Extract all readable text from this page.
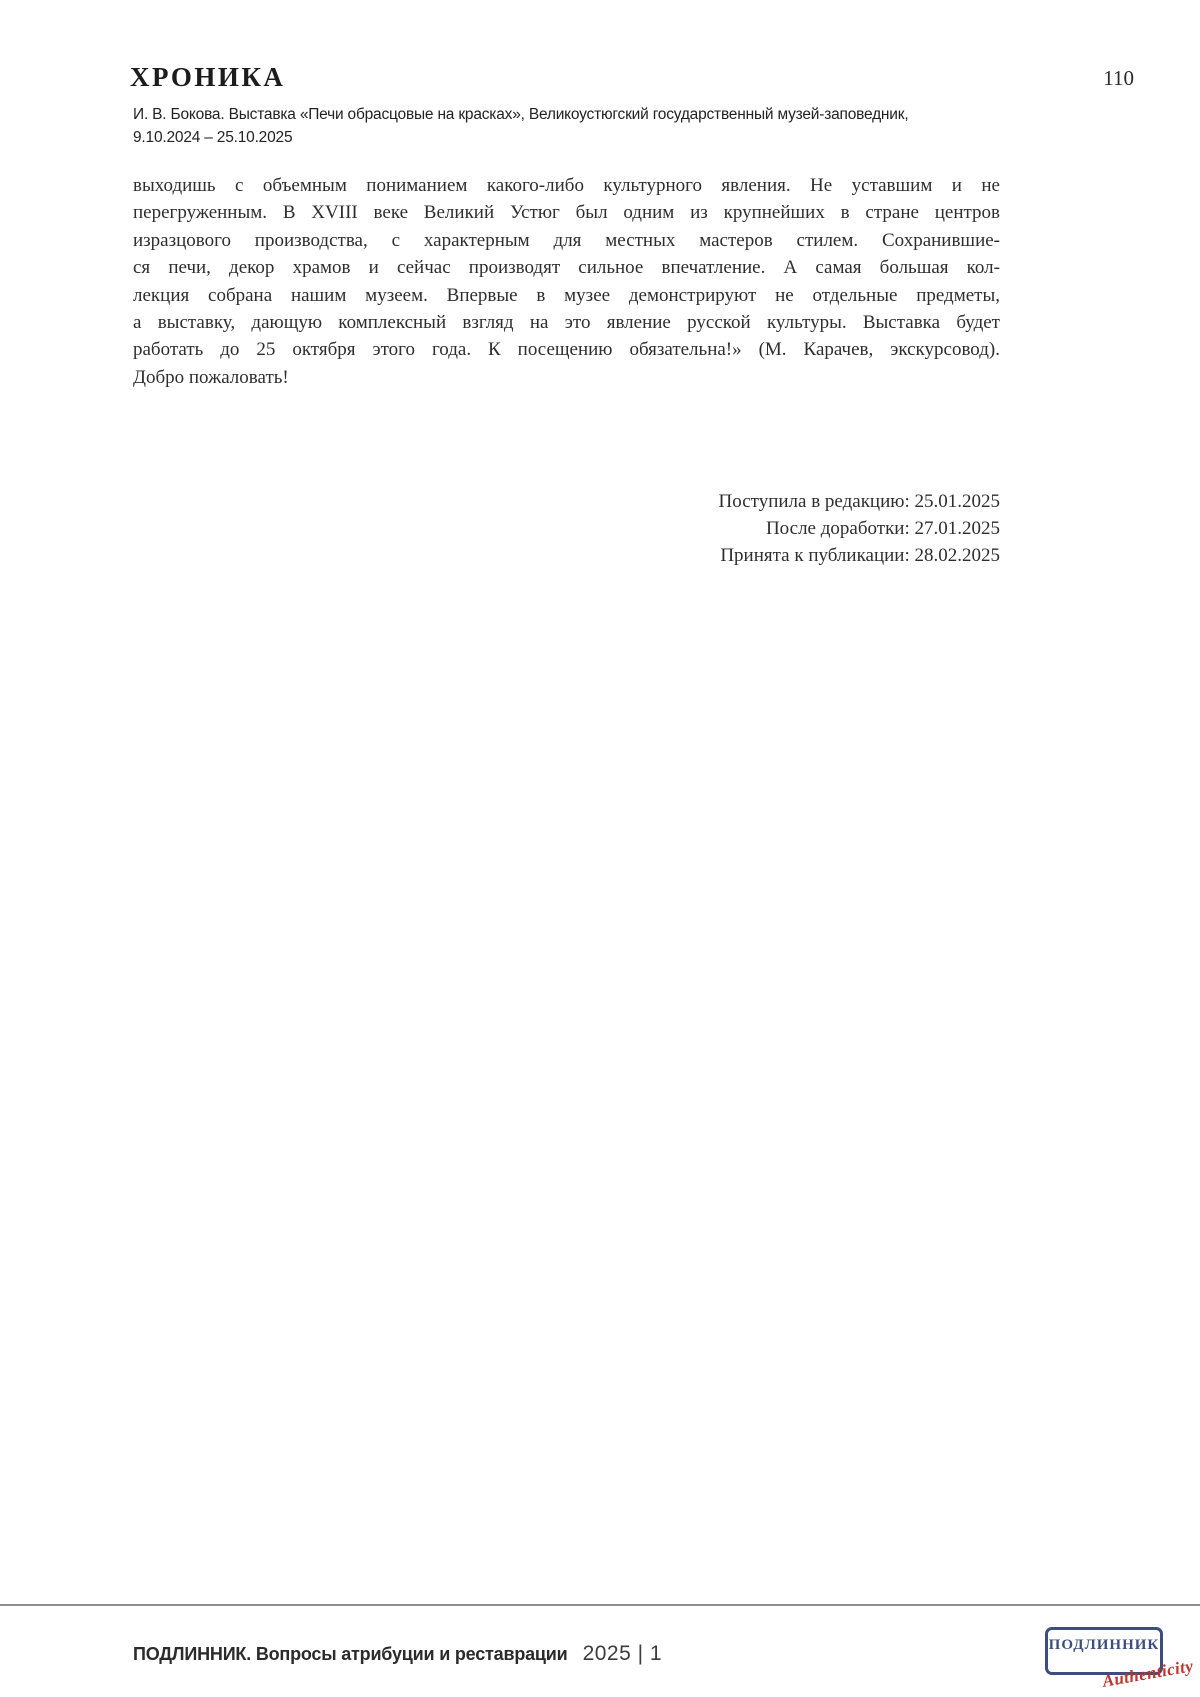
ХРОНИКА	110
И. В. Бокова. Выставка «Печи обрасцовые на красках», Великоустюгский государственный музей-заповедник,
9.10.2024 – 25.10.2025
выходишь с объемным пониманием какого-либо культурного явления. Не уставшим и не
перегруженным. В XVIII веке Великий Устюг был одним из крупнейших в стране центров
изразцового производства, с характерным для местных мастеров стилем. Сохранившие-
ся печи, декор храмов и сейчас производят сильное впечатление. А самая большая кол-
лекция собрана нашим музеем. Впервые в музее демонстрируют не отдельные предметы,
а выставку, дающую комплексный взгляд на это явление русской культуры. Выставка будет
работать до 25 октября этого года. К посещению обязательна!» (М. Карачев, экскурсовод).
Добро пожаловать!
Поступила в редакцию: 25.01.2025
После доработки: 27.01.2025
Принята к публикации: 28.02.2025
ПОДЛИННИК. Вопросы атрибуции и реставрации 2025 | 1	ПОДЛИННИК
Authenticity
